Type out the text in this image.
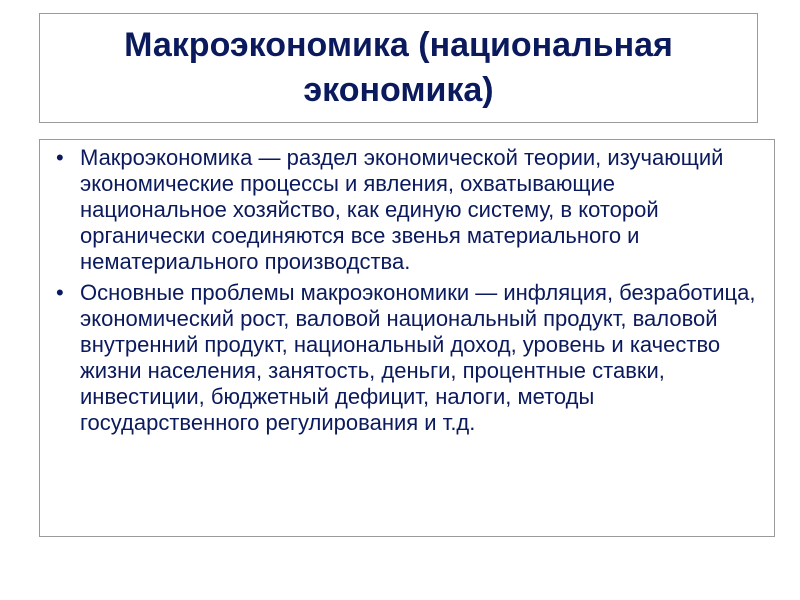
Макроэкономика (национальная экономика)
• Макроэкономика — раздел экономической теории, изучающий экономические процессы и явления, охватывающие национальное хозяйство, как единую систему, в которой органически соединяются все звенья материального и нематериального производства.
• Основные проблемы макроэкономики — инфляция, безработица, экономический рост, валовой национальный продукт, валовой внутренний продукт, национальный доход, уровень и качество жизни населения, занятость, деньги, процентные ставки, инвестиции, бюджетный дефицит, налоги, методы государственного регулирования и т.д.
